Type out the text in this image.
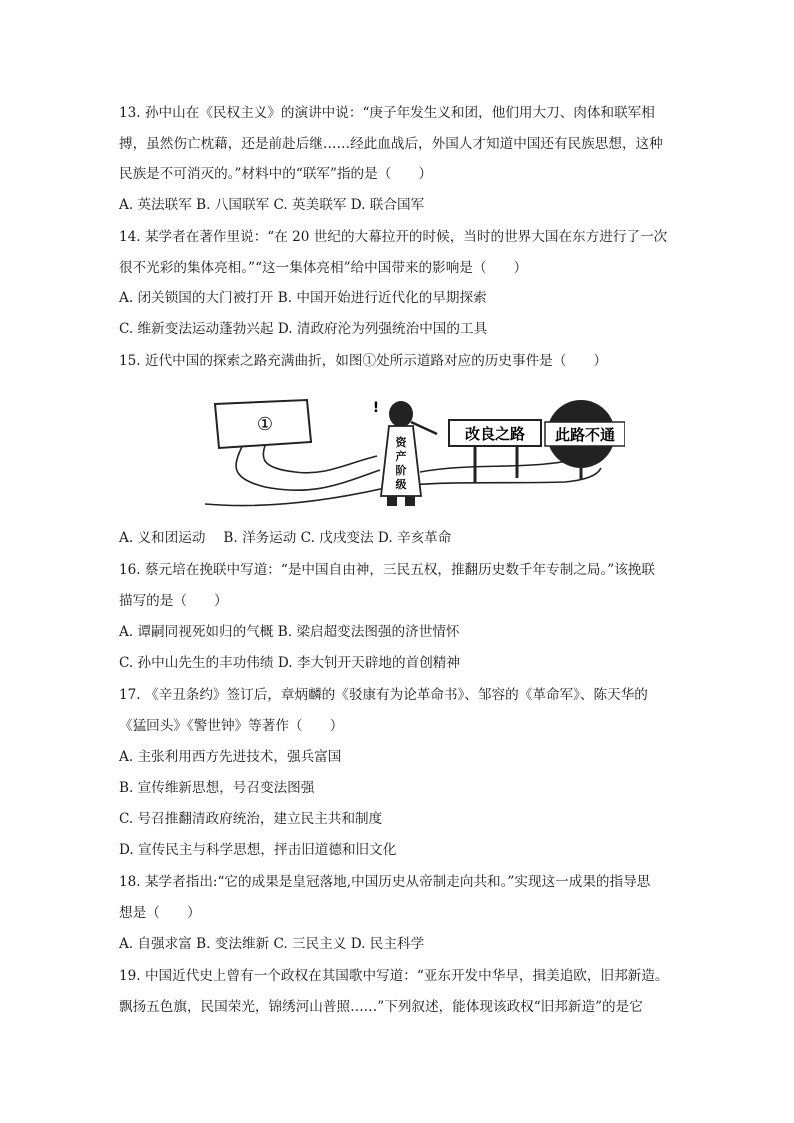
13. 孙中山在《民权主义》的演讲中说：“庚子年发生义和团，他们用大刀、肉体和联军相
搏，虽然伤亡枕藉，还是前赴后继……经此血战后，外国人才知道中国还有民族思想，这种
民族是不可消灭的。”材料中的“联军”指的是（　　）
A. 英法联军 B. 八国联军 C. 英美联军 D. 联合国军
14. 某学者在著作里说：“在 20 世纪的大幕拉开的时候，当时的世界大国在东方进行了一次
很不光彩的集体亮相。”“这一集体亮相”给中国带来的影响是（　　）
A. 闭关锁国的大门被打开 B. 中国开始进行近代化的早期探索
C. 维新变法运动蓬勃兴起 D. 清政府沦为列强统治中国的工具
15. 近代中国的探索之路充满曲折，如图①处所示道路对应的历史事件是（　　）
①
!
资
产
阶
级
改良之路 此路不通
A. 义和团运动　 B. 洋务运动 C. 戊戌变法 D. 辛亥革命
16. 蔡元培在挽联中写道：“是中国自由神，三民五权，推翻历史数千年专制之局。”该挽联
描写的是（　　）
A. 谭嗣同视死如归的气概 B. 梁启超变法图强的济世情怀
C. 孙中山先生的丰功伟绩 D. 李大钊开天辟地的首创精神
17. 《辛丑条约》签订后，章炳麟的《驳康有为论革命书》、邹容的《革命军》、陈天华的
《猛回头》《警世钟》等著作（　　）
A. 主张利用西方先进技术，强兵富国
B. 宣传维新思想，号召变法图强
C. 号召推翻清政府统治，建立民主共和制度
D. 宣传民主与科学思想，抨击旧道德和旧文化
18. 某学者指出:“它的成果是皇冠落地,中国历史从帝制走向共和。”实现这一成果的指导思
想是（　　）
A. 自强求富 B. 变法维新 C. 三民主义 D. 民主科学
19. 中国近代史上曾有一个政权在其国歌中写道：“亚东开发中华早，揖美追欧，旧邦新造。
飘扬五色旗，民国荣光，锦绣河山普照……”下列叙述，能体现该政权“旧邦新造”的是它
